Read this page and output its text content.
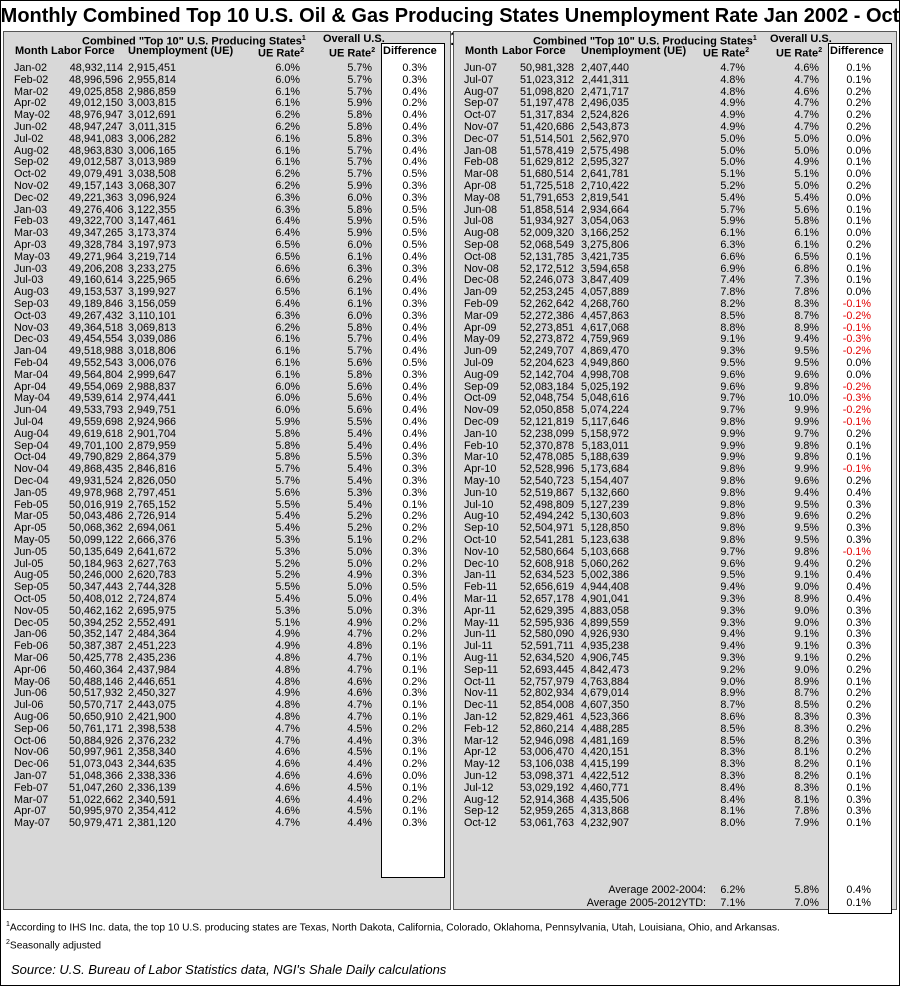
Monthly Combined Top 10 U.S. Oil & Gas Producing States Unemployment Rate Jan 2002 - Oct
Combined "Top 10" U.S. Producing States$^1$
Month Labor Force Unemployment (UE) UE Rate$^2$
Overall U.S.
UE Rate$^2$ Difference
Combined "Top 10" U.S. Producing States$^1$
Month Labor Force Unemployment (UE) UE Rate$^2$
Overall U.S.
UE Rate$^2$ Difference
Jan-02	48,932,114 2,915,451	6.0%	5.7%	0.3%
Feb-02	48,996,596 2,955,814	6.0%	5.7%	0.3%
Mar-02	49,025,858 2,986,859	6.1%	5.7%	0.4%
Apr-02	49,012,150 3,003,815	6.1%	5.9%	0.2%
May-02	48,976,947 3,012,691	6.2%	5.8%	0.4%
Jun-02	48,947,247 3,011,315	6.2%	5.8%	0.4%
Jul-02	48,941,083 3,006,282	6.1%	5.8%	0.3%
Aug-02	48,963,830 3,006,165	6.1%	5.7%	0.4%
Sep-02	49,012,587 3,013,989	6.1%	5.7%	0.4%
Oct-02	49,079,491 3,038,508	6.2%	5.7%	0.5%
Nov-02	49,157,143 3,068,307	6.2%	5.9%	0.3%
Dec-02	49,221,363 3,096,924	6.3%	6.0%	0.3%
Jan-03	49,276,406 3,122,355	6.3%	5.8%	0.5%
Feb-03	49,322,700 3,147,461	6.4%	5.9%	0.5%
Mar-03	49,347,265 3,173,374	6.4%	5.9%	0.5%
Apr-03	49,328,784 3,197,973	6.5%	6.0%	0.5%
May-03	49,271,964 3,219,714	6.5%	6.1%	0.4%
Jun-03	49,206,208 3,233,275	6.6%	6.3%	0.3%
Jul-03	49,160,614 3,225,965	6.6%	6.2%	0.4%
Aug-03	49,153,537 3,199,927	6.5%	6.1%	0.4%
Sep-03	49,189,846 3,156,059	6.4%	6.1%	0.3%
Oct-03	49,267,432 3,110,101	6.3%	6.0%	0.3%
Nov-03	49,364,518 3,069,813	6.2%	5.8%	0.4%
Dec-03	49,454,554 3,039,086	6.1%	5.7%	0.4%
Jan-04	49,518,988 3,018,806	6.1%	5.7%	0.4%
Feb-04	49,552,543 3,006,076	6.1%	5.6%	0.5%
Mar-04	49,564,804 2,999,647	6.1%	5.8%	0.3%
Apr-04	49,554,069 2,988,837	6.0%	5.6%	0.4%
May-04	49,539,614 2,974,441	6.0%	5.6%	0.4%
Jun-04	49,533,793 2,949,751	6.0%	5.6%	0.4%
Jul-04	49,559,698 2,924,966	5.9%	5.5%	0.4%
Aug-04	49,619,618 2,901,704	5.8%	5.4%	0.4%
Sep-04	49,701,100 2,879,959	5.8%	5.4%	0.4%
Oct-04	49,790,829 2,864,379	5.8%	5.5%	0.3%
Nov-04	49,868,435 2,846,816	5.7%	5.4%	0.3%
Dec-04	49,931,524 2,826,050	5.7%	5.4%	0.3%
Jan-05	49,978,968 2,797,451	5.6%	5.3%	0.3%
Feb-05	50,016,919 2,765,152	5.5%	5.4%	0.1%
Mar-05	50,043,486 2,726,914	5.4%	5.2%	0.2%
Apr-05	50,068,362 2,694,061	5.4%	5.2%	0.2%
May-05	50,099,122 2,666,376	5.3%	5.1%	0.2%
Jun-05	50,135,649 2,641,672	5.3%	5.0%	0.3%
Jul-05	50,184,963 2,627,763	5.2%	5.0%	0.2%
Aug-05	50,246,000 2,620,783	5.2%	4.9%	0.3%
Sep-05	50,347,443 2,744,328	5.5%	5.0%	0.5%
Oct-05	50,408,012 2,724,874	5.4%	5.0%	0.4%
Nov-05	50,462,162 2,695,975	5.3%	5.0%	0.3%
Dec-05	50,394,252 2,552,491	5.1%	4.9%	0.2%
Jan-06	50,352,147 2,484,364	4.9%	4.7%	0.2%
Feb-06	50,387,387 2,451,223	4.9%	4.8%	0.1%
Mar-06	50,425,778 2,435,236	4.8%	4.7%	0.1%
Apr-06	50,460,364 2,437,984	4.8%	4.7%	0.1%
May-06	50,488,146 2,446,651	4.8%	4.6%	0.2%
Jun-06	50,517,932 2,450,327	4.9%	4.6%	0.3%
Jul-06	50,570,717 2,443,075	4.8%	4.7%	0.1%
Aug-06	50,650,910 2,421,900	4.8%	4.7%	0.1%
Sep-06	50,761,171 2,398,538	4.7%	4.5%	0.2%
Oct-06	50,884,926 2,376,232	4.7%	4.4%	0.3%
Nov-06	50,997,961 2,358,340	4.6%	4.5%	0.1%
Dec-06	51,073,043 2,344,635	4.6%	4.4%	0.2%
Jan-07	51,048,366 2,338,336	4.6%	4.6%	0.0%
Feb-07	51,047,260 2,336,139	4.6%	4.5%	0.1%
Mar-07	51,022,662 2,340,591	4.6%	4.4%	0.2%
Apr-07	50,995,970 2,354,412	4.6%	4.5%	0.1%
May-07	50,979,471 2,381,120	4.7%	4.4%	0.3%
Jun-07	50,981,328 2,407,440	4.7%	4.6%	0.1%
Jul-07	51,023,312 2,441,311	4.8%	4.7%	0.1%
Aug-07	51,098,820 2,471,717	4.8%	4.6%	0.2%
Sep-07	51,197,478 2,496,035	4.9%	4.7%	0.2%
Oct-07	51,317,834 2,524,826	4.9%	4.7%	0.2%
Nov-07	51,420,686 2,543,873	4.9%	4.7%	0.2%
Dec-07	51,514,501 2,562,970	5.0%	5.0%	0.0%
Jan-08	51,578,419 2,575,498	5.0%	5.0%	0.0%
Feb-08	51,629,812 2,595,327	5.0%	4.9%	0.1%
Mar-08	51,680,514 2,641,781	5.1%	5.1%	0.0%
Apr-08	51,725,518 2,710,422	5.2%	5.0%	0.2%
May-08	51,791,653 2,819,541	5.4%	5.4%	0.0%
Jun-08	51,858,514 2,934,664	5.7%	5.6%	0.1%
Jul-08	51,934,927 3,054,063	5.9%	5.8%	0.1%
Aug-08	52,009,320 3,166,252	6.1%	6.1%	0.0%
Sep-08	52,068,549 3,275,806	6.3%	6.1%	0.2%
Oct-08	52,131,785 3,421,735	6.6%	6.5%	0.1%
Nov-08	52,172,512 3,594,658	6.9%	6.8%	0.1%
Dec-08	52,246,073 3,847,409	7.4%	7.3%	0.1%
Jan-09	52,253,245 4,057,889	7.8%	7.8%	0.0%
Feb-09	52,262,642 4,268,760	8.2%	8.3%	-0.1%
Mar-09	52,272,386 4,457,863	8.5%	8.7%	-0.2%
Apr-09	52,273,851 4,617,068	8.8%	8.9%	-0.1%
May-09	52,273,872 4,759,969	9.1%	9.4%	-0.3%
Jun-09	52,249,707 4,869,470	9.3%	9.5%	-0.2%
Jul-09	52,204,623 4,949,860	9.5%	9.5%	0.0%
Aug-09	52,142,704 4,998,708	9.6%	9.6%	0.0%
Sep-09	52,083,184 5,025,192	9.6%	9.8%	-0.2%
Oct-09	52,048,754 5,048,616	9.7%	10.0%	-0.3%
Nov-09	52,050,858 5,074,224	9.7%	9.9%	-0.2%
Dec-09	52,121,819 5,117,646	9.8%	9.9%	-0.1%
Jan-10	52,238,099 5,158,972	9.9%	9.7%	0.2%
Feb-10	52,370,878 5,183,011	9.9%	9.8%	0.1%
Mar-10	52,478,085 5,188,639	9.9%	9.8%	0.1%
Apr-10	52,528,996 5,173,684	9.8%	9.9%	-0.1%
May-10	52,540,723 5,154,407	9.8%	9.6%	0.2%
Jun-10	52,519,867 5,132,660	9.8%	9.4%	0.4%
Jul-10	52,498,809 5,127,239	9.8%	9.5%	0.3%
Aug-10	52,494,242 5,130,603	9.8%	9.6%	0.2%
Sep-10	52,504,971 5,128,850	9.8%	9.5%	0.3%
Oct-10	52,541,281 5,123,638	9.8%	9.5%	0.3%
Nov-10	52,580,664 5,103,668	9.7%	9.8%	-0.1%
Dec-10	52,608,918 5,060,262	9.6%	9.4%	0.2%
Jan-11	52,634,523 5,002,386	9.5%	9.1%	0.4%
Feb-11	52,656,619 4,944,408	9.4%	9.0%	0.4%
Mar-11	52,657,178 4,901,041	9.3%	8.9%	0.4%
Apr-11	52,629,395 4,883,058	9.3%	9.0%	0.3%
May-11	52,595,936 4,899,559	9.3%	9.0%	0.3%
Jun-11	52,580,090 4,926,930	9.4%	9.1%	0.3%
Jul-11	52,591,711 4,935,238	9.4%	9.1%	0.3%
Aug-11	52,634,520 4,906,745	9.3%	9.1%	0.2%
Sep-11	52,693,445 4,842,473	9.2%	9.0%	0.2%
Oct-11	52,757,979 4,763,884	9.0%	8.9%	0.1%
Nov-11	52,802,934 4,679,014	8.9%	8.7%	0.2%
Dec-11	52,854,008 4,607,350	8.7%	8.5%	0.2%
Jan-12	52,829,461 4,523,366	8.6%	8.3%	0.3%
Feb-12	52,860,214 4,488,285	8.5%	8.3%	0.2%
Mar-12	52,946,098 4,481,169	8.5%	8.2%	0.3%
Apr-12	53,006,470 4,420,151	8.3%	8.1%	0.2%
May-12	53,106,038 4,415,199	8.3%	8.2%	0.1%
Jun-12	53,098,371 4,422,512	8.3%	8.2%	0.1%
Jul-12	53,029,192 4,460,771	8.4%	8.3%	0.1%
Aug-12	52,914,368 4,435,506	8.4%	8.1%	0.3%
Sep-12	52,959,265 4,313,868	8.1%	7.8%	0.3%
Oct-12	53,061,763 4,232,907	8.0%	7.9%	0.1%
Average 2002-2004:	6.2%	5.8%	0.4%
Average 2005-2012YTD:	7.1%	7.0%	0.1%
$^1$According to IHS Inc. data, the top 10 U.S. producing states are Texas, North Dakota, California, Colorado, Oklahoma, Pennsylvania, Utah, Louisiana, Ohio, and Arkansas.
$^2$Seasonally adjusted
Source: U.S. Bureau of Labor Statistics data, NGI's Shale Daily calculations
